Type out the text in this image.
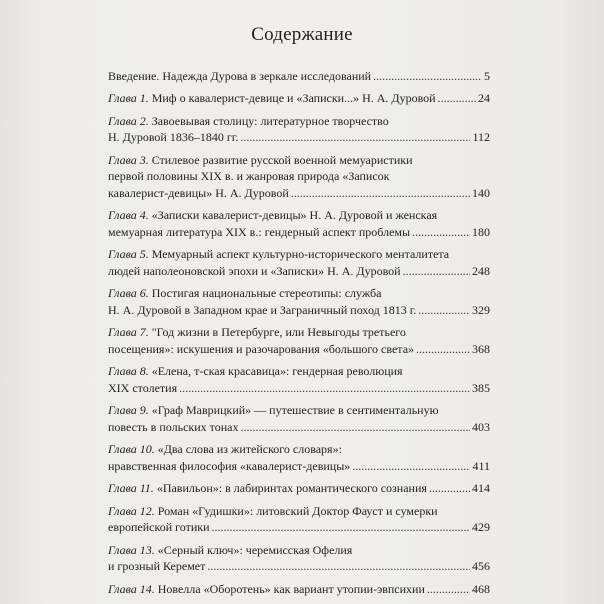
Содержание
Введение. Надежда Дурова в зеркале исследований .....	5
Глава 1. Миф о кавалерист-девице и «Записки...» Н. А. Дуровой .....	24
Глава 2. Завоевывая столицу: литературное творчество
Н. Дуровой 1836–1840 гг. .....	112
Глава 3. Стилевое развитие русской военной мемуаристики
первой половины XIX в. и жанровая природа «Записок
кавалерист-девицы» Н. А. Дуровой .....	140
Глава 4. «Записки кавалерист-девицы» Н. А. Дуровой и женская
мемуарная литература XIX в.: гендерный аспект проблемы .....	180
Глава 5. Мемуарный аспект культурно-исторического менталитета
людей наполеоновской эпохи и «Записки» Н. А. Дуровой .....	248
Глава 6. Постигая национальные стереотипы: служба
Н. А. Дуровой в Западном крае и Заграничный поход 1813 г. .....	329
Глава 7. "Год жизни в Петербурге, или Невыгоды третьего
посещения»: искушения и разочарования «большого света» .....	368
Глава 8. «Елена, т-ская красавица»: гендерная революция
XIX столетия .....	385
Глава 9. «Граф Маврицкий» — путешествие в сентиментальную
повесть в польских тонах .....	403
Глава 10. «Два слова из житейского словаря»:
нравственная философия «кавалерист-девицы» .....	411
Глава 11. «Павильон»: в лабиринтах романтического сознания .....	414
Глава 12. Роман «Гудишки»: литовский Доктор Фауст и сумерки
европейской готики .....	429
Глава 13. «Серный ключ»: черемисская Офелия
и грозный Керемет .....	456
Глава 14. Новелла «Оборотень» как вариант утопии-эвпсихии .....	468
